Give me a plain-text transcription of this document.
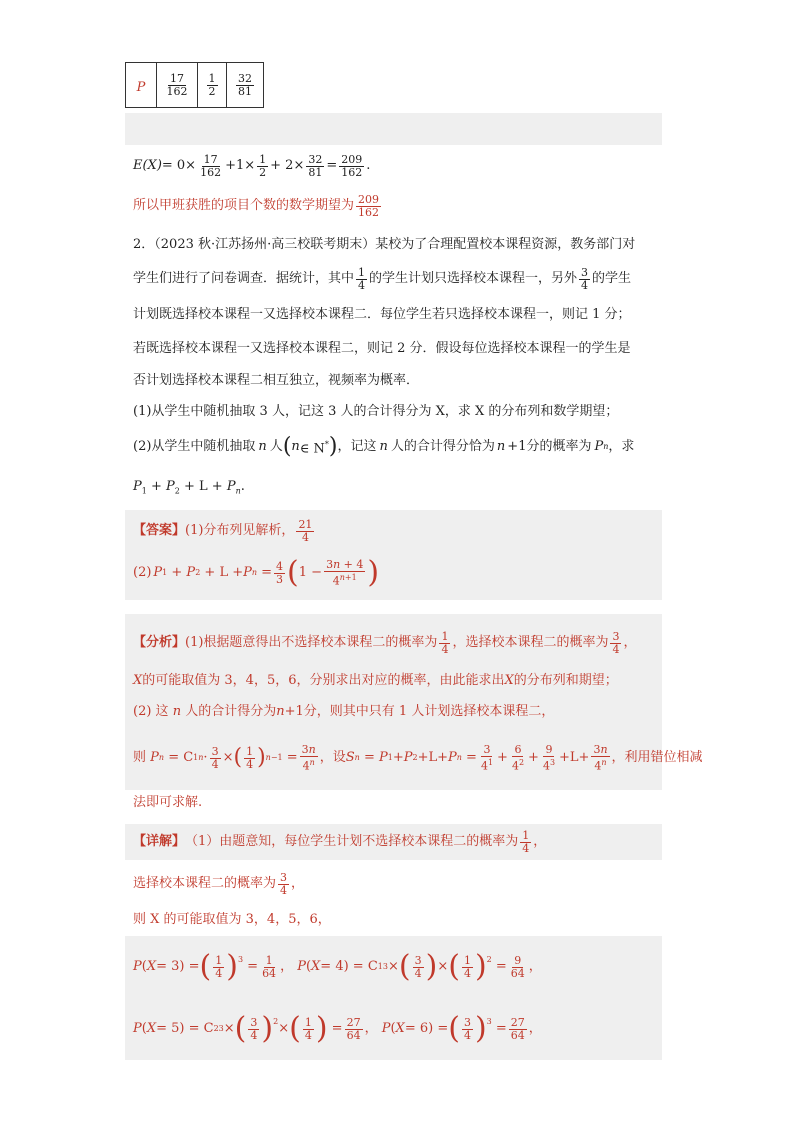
P	$\frac{17}{162}$	$\frac{1}{2}$	$\frac{32}{81}$
$E(X) = 0\times \frac{17}{162} +1\times \frac{1}{2} + 2\times \frac{32}{81} = \frac{209}{162}$ .
所以甲班获胜的项目个数的数学期望为 $\frac{209}{162}$
2．（2023 秋·江苏扬州·高三校联考期末）某校为了合理配置校本课程资源，教务部门对
学生们进行了问卷调查．据统计，其中 $\frac{1}{4}$ 的学生计划只选择校本课程一，另外 $\frac{3}{4}$ 的学生
计划既选择校本课程一又选择校本课程二．每位学生若只选择校本课程一，则记 1 分；
若既选择校本课程一又选择校本课程二，则记 2 分．假设每位选择校本课程一的学生是
否计划选择校本课程二相互独立，视频率为概率．
(1)从学生中随机抽取 3 人，记这 3 人的合计得分为 X，求 X 的分布列和数学期望；
(2)从学生中随机抽取 n 人 ( n ∈ N* ) ，记这 n 人的合计得分恰为 n +1 分的概率为 P n ，求
$P_1 + P_2 + L + P_n$.
【答案】 (1)分布列见解析， $\frac{21}{4}$
(2) P 1 + P 2 + L + P $n = \frac{4}{3}$ ( $1 - \frac{3n + 4}{4^{n+1}}$ )
【分析】 (1)根据题意得出不选择校本课程二的概率为 $\frac{1}{4}$ ，选择校本课程二的概率为 $\frac{3}{4}$ ，
X的可能取值为 3，4，5，6，分别求出对应的概率，由此能求出X的分布列和期望；
(2) 这 n 人的合计得分为n+1分，则其中只有 1 人计划选择校本课程二，
则 P n = C 1 $n \cdot \frac{3}{4}$ × ( $\frac{1}{4}$ ) $n-1 = \frac{3n}{4^n}$ ，设 S n = P 1 + P 2 +L+ P $n = \frac{3}{4^1} + \frac{6}{4^2} + \frac{9}{4^3} +L+ \frac{3n}{4^n}$ ，利用错位相减
法即可求解.
【详解】 （1）由题意知，每位学生计划不选择校本课程二的概率为 $\frac{1}{4}$ ，
选择校本课程二的概率为 $\frac{3}{4}$ ，
则 X 的可能取值为 3，4，5，6，
P ( X = 3) = ( $\frac{1}{4} )^3 = \frac{1}{64}$ ， P ( X = 4) = C 1 3 × ( $\frac{3}{4}$ ) × ( $\frac{1}{4} )^2 = \frac{9}{64}$ ，
P ( X = 5) = C 2 3 × ( $\frac{3}{4} )^2$ × ( $\frac{1}{4}$ ) = $\frac{27}{64}$ ， P ( X = 6) = ( $\frac{3}{4} )^3 = \frac{27}{64}$ ，
